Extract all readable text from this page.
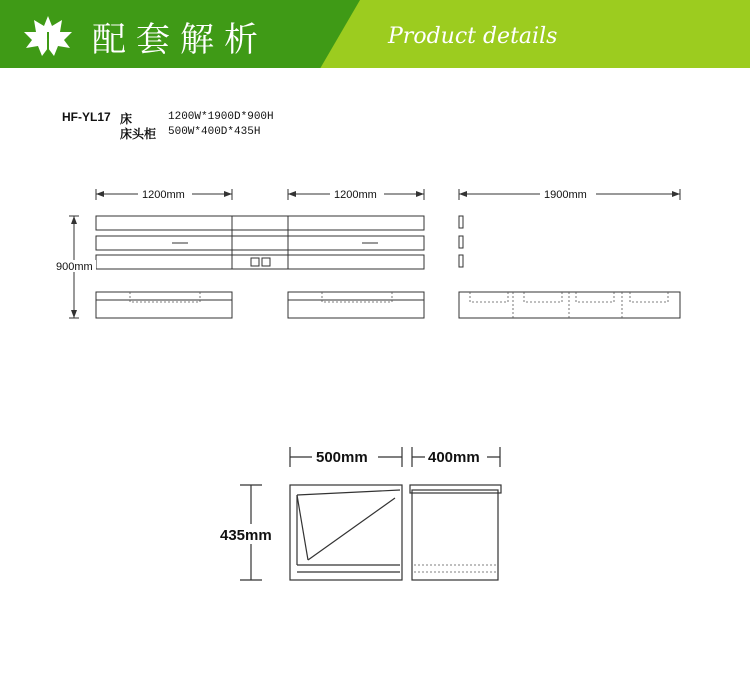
配套解析	Product details
HF-YL17 床	1200W*1900D*900H
床头柜 500W*400D*435H
1200mm	1200mm	1900mm
900mm
500mm	400mm
435mm
